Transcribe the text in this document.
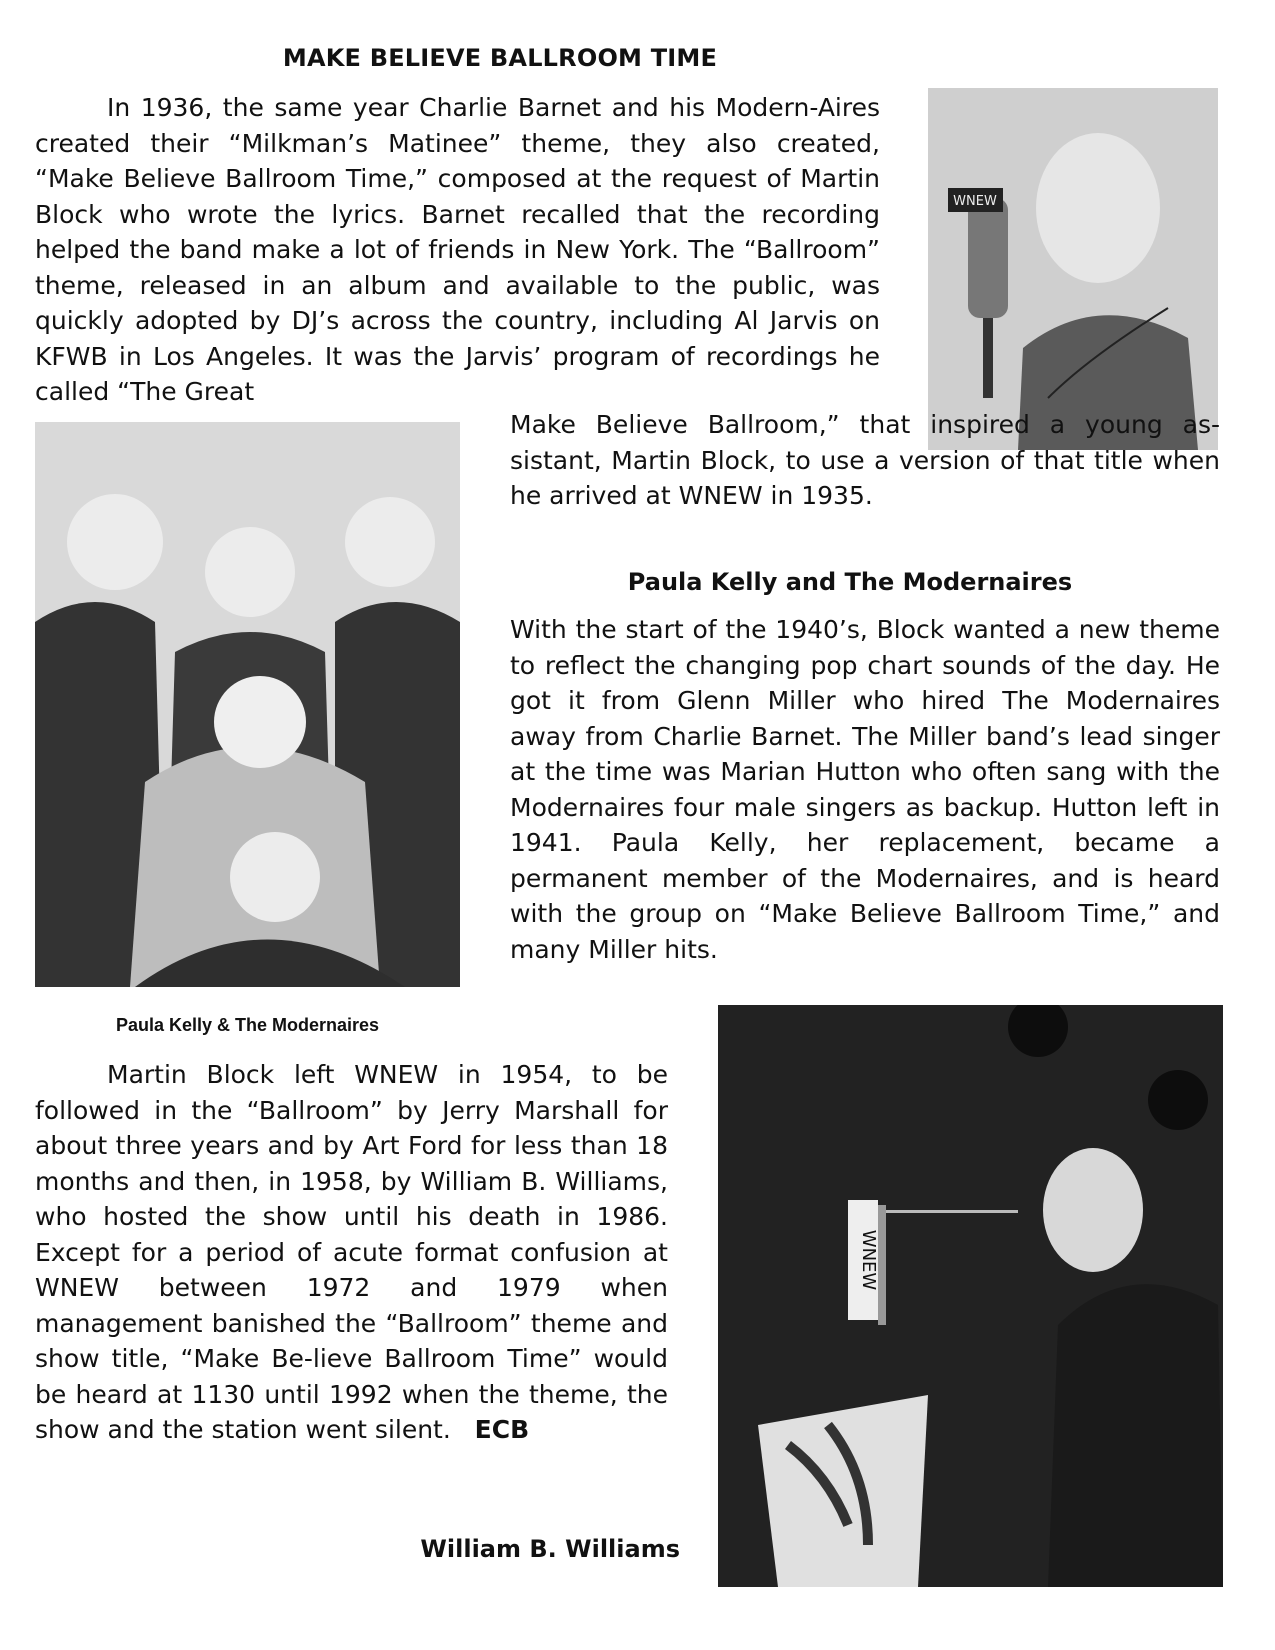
MAKE BELIEVE BALLROOM TIME
WNEW
WNEW
In 1936, the same year Charlie Barnet and his Modern-Aires created their “Milkman’s Matinee” theme, they also created, “Make Believe Ballroom Time,” composed at the request of Martin Block who wrote the lyrics. Barnet recalled that the recording helped the band make a lot of friends in New York. The “Ballroom” theme, released in an album and available to the public, was quickly adopted by DJ’s across the country, including Al Jarvis on KFWB in Los Angeles. It was the Jarvis’ program of recordings he called “The Great
Make Believe Ballroom,” that inspired a young as-sistant, Martin Block, to use a version of that title when he arrived at WNEW in 1935.
Paula Kelly and The Modernaires
With the start of the 1940’s, Block wanted a new theme to reflect the changing pop chart sounds of the day. He got it from Glenn Miller who hired The Modernaires away from Charlie Barnet. The Miller band’s lead singer at the time was Marian Hutton who often sang with the Modernaires four male singers as backup. Hutton left in 1941. Paula Kelly, her replacement, became a permanent member of the Modernaires, and is heard with the group on “Make Believe Ballroom Time,” and many Miller hits.
Paula Kelly & The Modernaires
Martin Block left WNEW in 1954, to be followed in the “Ballroom” by Jerry Marshall for about three years and by Art Ford for less than 18 months and then, in 1958, by William B. Williams, who hosted the show until his death in 1986. Except for a period of acute format confusion at WNEW between 1972 and 1979 when management banished the “Ballroom” theme and show title, “Make Be-lieve Ballroom Time” would be heard at 1130 until 1992 when the theme, the show and the station went silent. ECB
William B. Williams
